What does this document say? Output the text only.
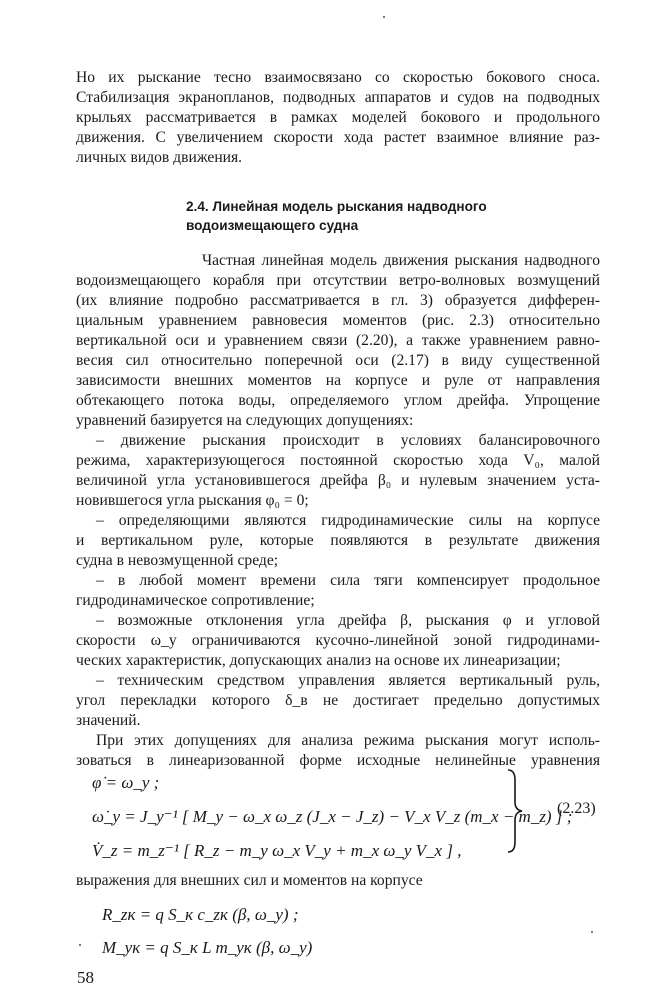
Но их рыскание тесно взаимосвязано со скоростью бокового сноса.
Стабилизация экранопланов, подводных аппаратов и судов на подводных
крыльях рассматривается в рамках моделей бокового и продольного
движения. С увеличением скорости хода растет взаимное влияние раз-
личных видов движения.
2.4. Линейная модель рыскания надводного
водоизмещающего судна
Частная линейная модель движения рыскания надводного
водоизмещающего корабля при отсутствии ветро-волновых возмущений
(их влияние подробно рассматривается в гл. 3) образуется дифферен-
циальным уравнением равновесия моментов (рис. 2.3) относительно
вертикальной оси и уравнением связи (2.20), а также уравнением равно-
весия сил относительно поперечной оси (2.17) в виду существенной
зависимости внешних моментов на корпусе и руле от направления
обтекающего потока воды, определяемого углом дрейфа. Упрощение
уравнений базируется на следующих допущениях:
– движение рыскания происходит в условиях балансировочного
режима, характеризующегося постоянной скоростью хода V₀, малой
величиной угла установившегося дрейфа β₀ и нулевым значением уста-
новившегося угла рыскания φ₀ = 0;
– определяющими являются гидродинамические силы на корпусе
и вертикальном руле, которые появляются в результате движения
судна в невозмущенной среде;
– в любой момент времени сила тяги компенсирует продольное
гидродинамическое сопротивление;
– возможные отклонения угла дрейфа β, рыскания φ и угловой
скорости ω_y ограничиваются кусочно-линейной зоной гидродинами-
ческих характеристик, допускающих анализ на основе их линеаризации;
– техническим средством управления является вертикальный руль,
угол перекладки которого δ_в не достигает предельно допустимых
значений.
При этих допущениях для анализа режима рыскания могут исполь-
зоваться в линеаризованной форме исходные нелинейные уравнения
φ̇ = ω_y ;
ω̇_y = J_y⁻¹ [ M_y − ω_x ω_z (J_x − J_z) − V_x V_z (m_x − m_z) ] ;
V̇_z = m_z⁻¹ [ R_z − m_y ω_x V_y + m_x ω_y V_x ] ,
(2.23)
выражения для внешних сил и моментов на корпусе
R_zк = q S_к c_zк (β, ω_y) ;
M_yк = q S_к L m_yк (β, ω_y)
58
